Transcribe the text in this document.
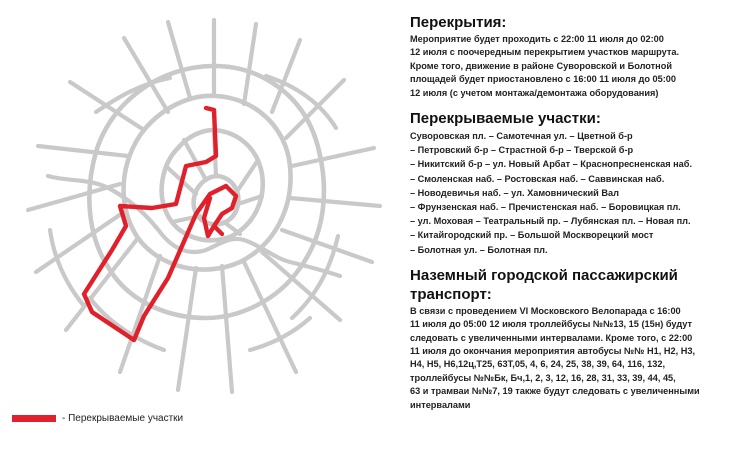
- Перекрываемые участки
Перекрытия:

Мероприятие будет проходить с 22:00 11 июля до 02:00

12 июля с поочередным перекрытием участков маршрута.

Кроме того, движение в районе Суворовской и Болотной

площадей будет приостановлено с 16:00 11 июля до 05:00

12 июля (с учетом монтажа/демонтажа оборудования)

Перекрываемые участки:
Суворовская пл. – Самотечная ул. – Цветной б-р
– Петровский б-р – Страстной б-р – Тверской б-р
– Никитский б-р – ул. Новый Арбат – Краснопресненская наб.
– Смоленская наб. – Ростовская наб. – Саввинская наб.
– Новодевичья наб. – ул. Хамовнический Вал
– Фрунзенская наб. – Пречистенская наб. – Боровицкая пл.
– ул. Моховая – Театральный пр. – Лубянская пл. – Новая пл.
– Китайгородский пр. – Большой Москворецкий мост
– Болотная ул. – Болотная пл.
Наземный городской пассажирский
транспорт:

В связи с проведением VI Московского Велопарада с 16:00

11 июля до 05:00 12 июля троллейбусы №№13, 15 (15н) будут

следовать с увеличенными интервалами. Кроме того, с 22:00

11 июля до окончания мероприятия автобусы №№ Н1, Н2, Н3,

Н4, Н5, Н6,12ц,Т25, 63Т,05, 4, 6, 24, 25, 38, 39, 64, 116, 132,

троллейбусы №№Бк, Бч,1, 2, 3, 12, 16, 28, 31, 33, 39, 44, 45,

63 и трамваи №№7, 19 также будут следовать с увеличенными

интервалами
